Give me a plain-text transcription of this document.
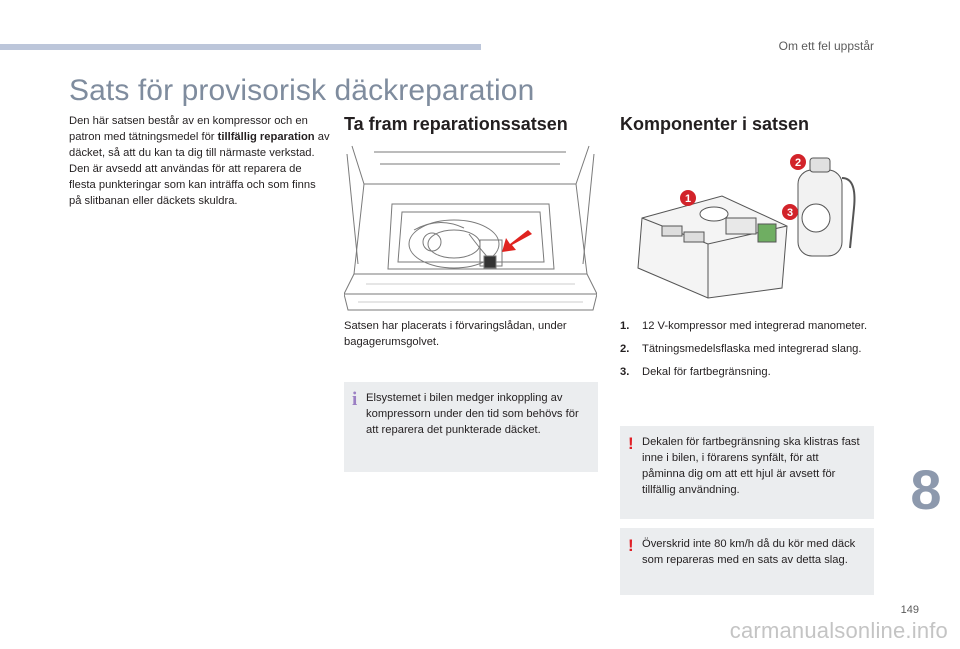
Om ett fel uppstår
Sats för provisorisk däckreparation
Den här satsen består av en kompressor och en patron med tätningsmedel för tillfällig reparation av däcket, så att du kan ta dig till närmaste verkstad.
Den är avsedd att användas för att reparera de flesta punkteringar som kan inträffa och som finns på slitbanan eller däckets skuldra.
Ta fram reparationssatsen	Komponenter i satsen

Satsen har placerats i förvaringslådan, under bagagerumsgolvet.

i Elsystemet i bilen medger inkoppling av kompressorn under den tid som behövs för att reparera det punkterade däcket.
1
2
3
1. 12 V-kompressor med integrerad manometer.
2. Tätningsmedelsflaska med integrerad slang.
3. Dekal för fartbegränsning.
! Dekalen för fartbegränsning ska klistras fast inne i bilen, i förarens synfält, för att påminna dig om att ett hjul är avsett för tillfällig användning.
! Överskrid inte 80 km/h då du kör med däck som repareras med en sats av detta slag.
8
149
carmanualsonline.info
